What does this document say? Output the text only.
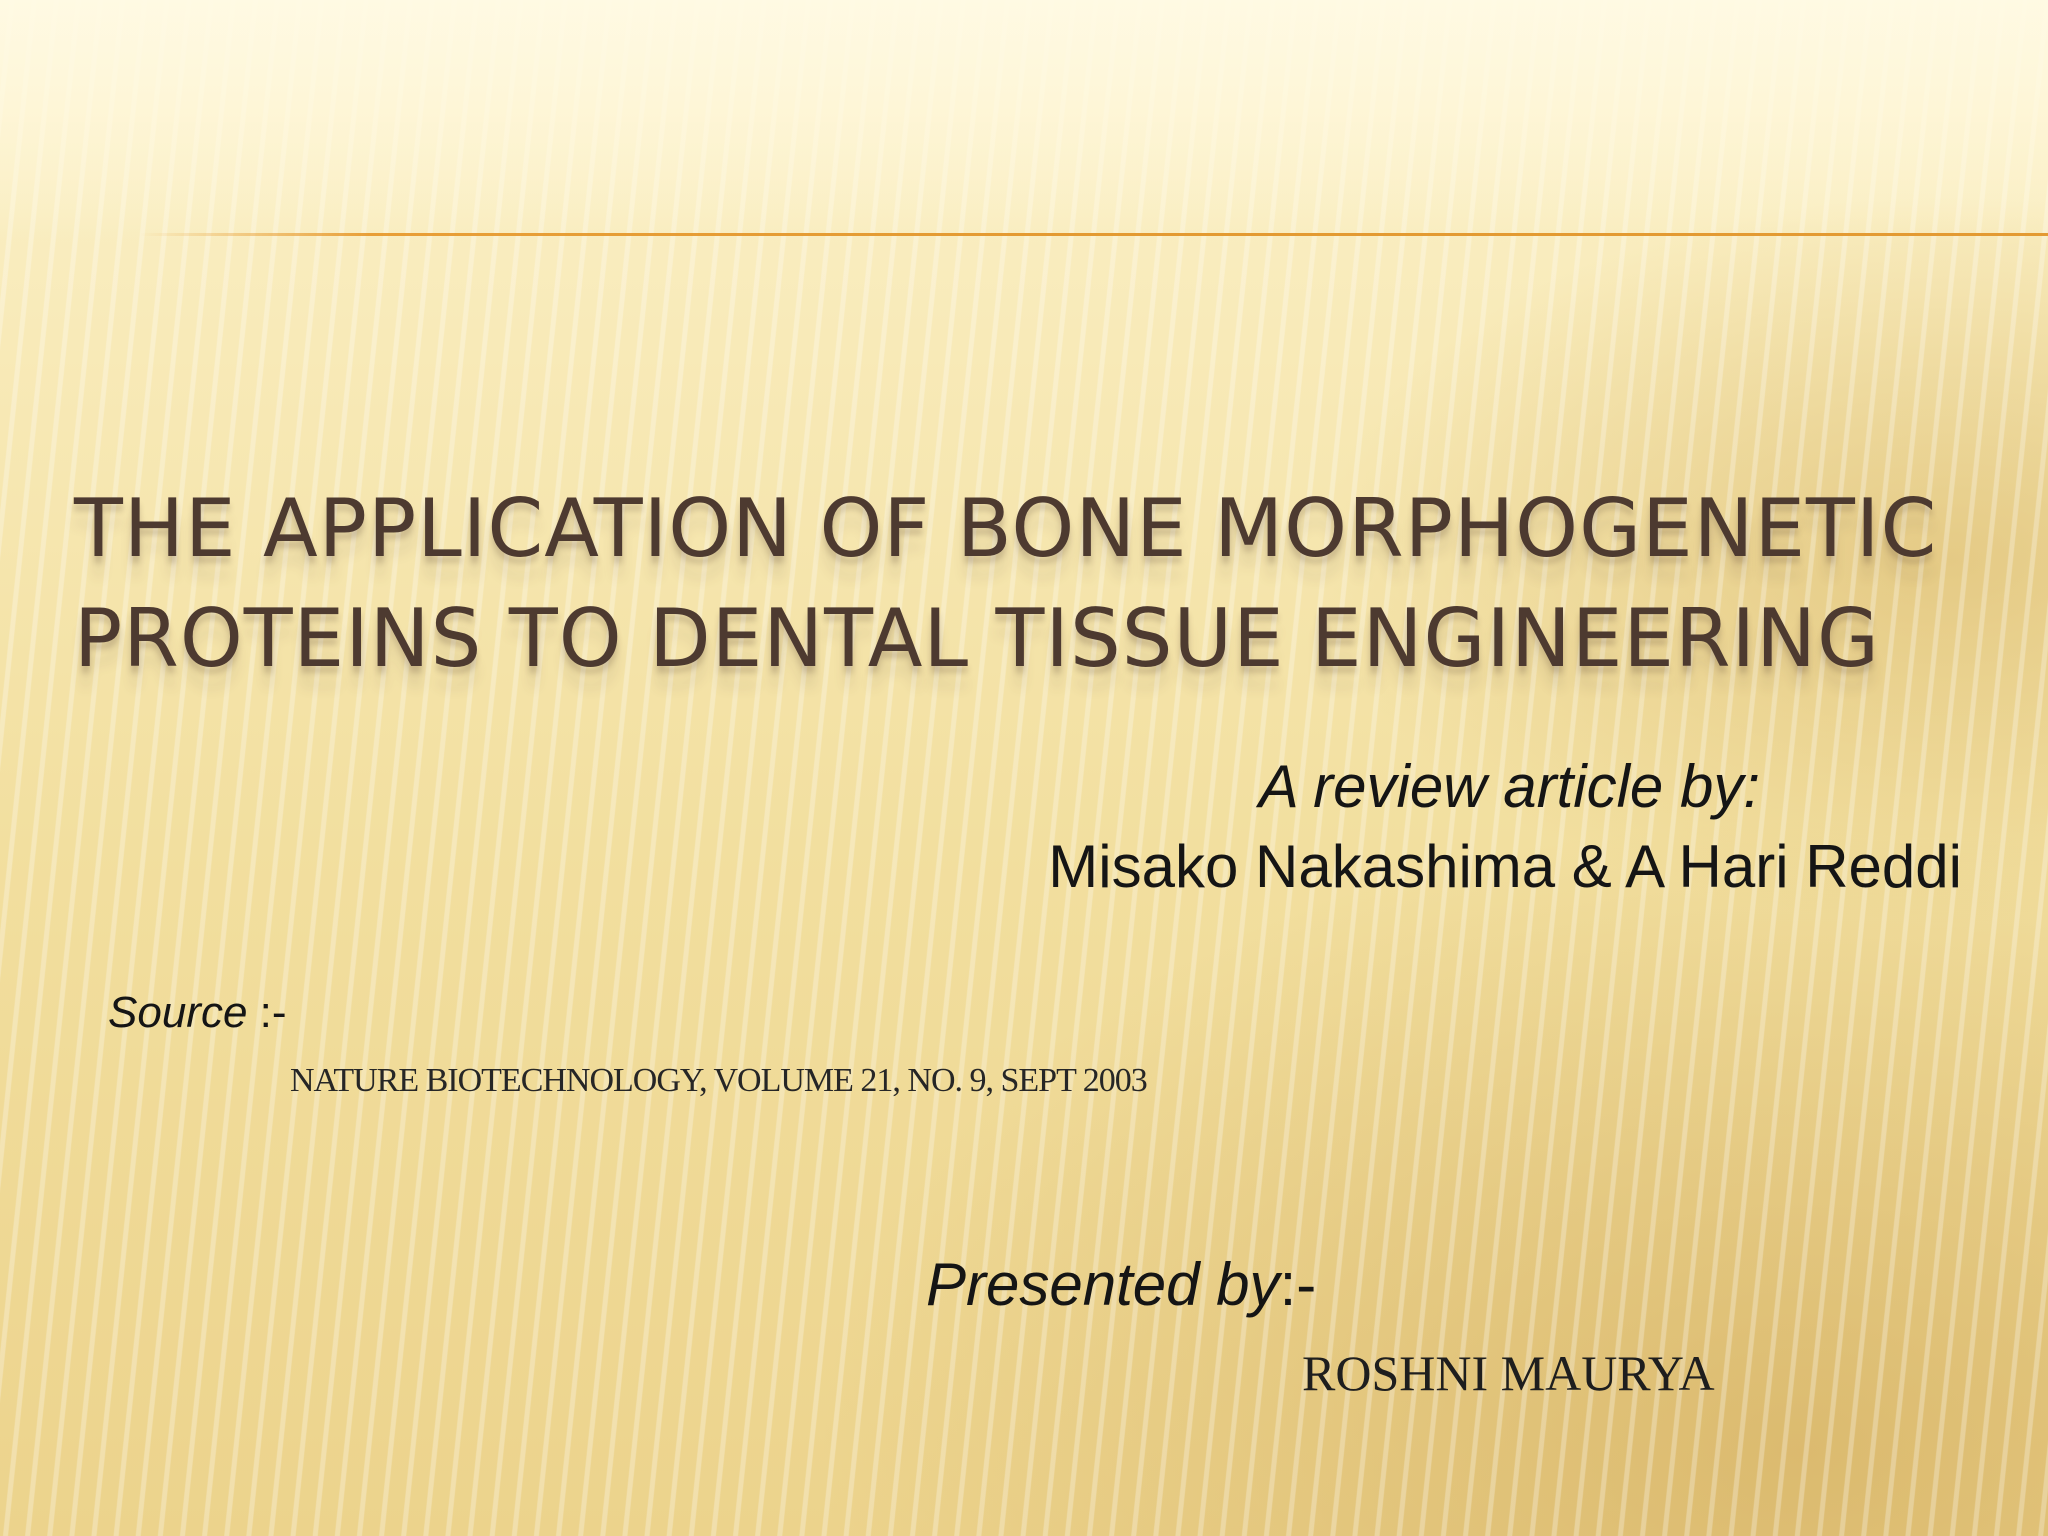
THE APPLICATION OF BONE MORPHOGENETIC
PROTEINS TO DENTAL TISSUE ENGINEERING
A review article by:
Misako Nakashima & A Hari Reddi
Source :-
NATURE BIOTECHNOLOGY, VOLUME 21, NO. 9, SEPT 2003
Presented by:-
ROSHNI MAURYA
